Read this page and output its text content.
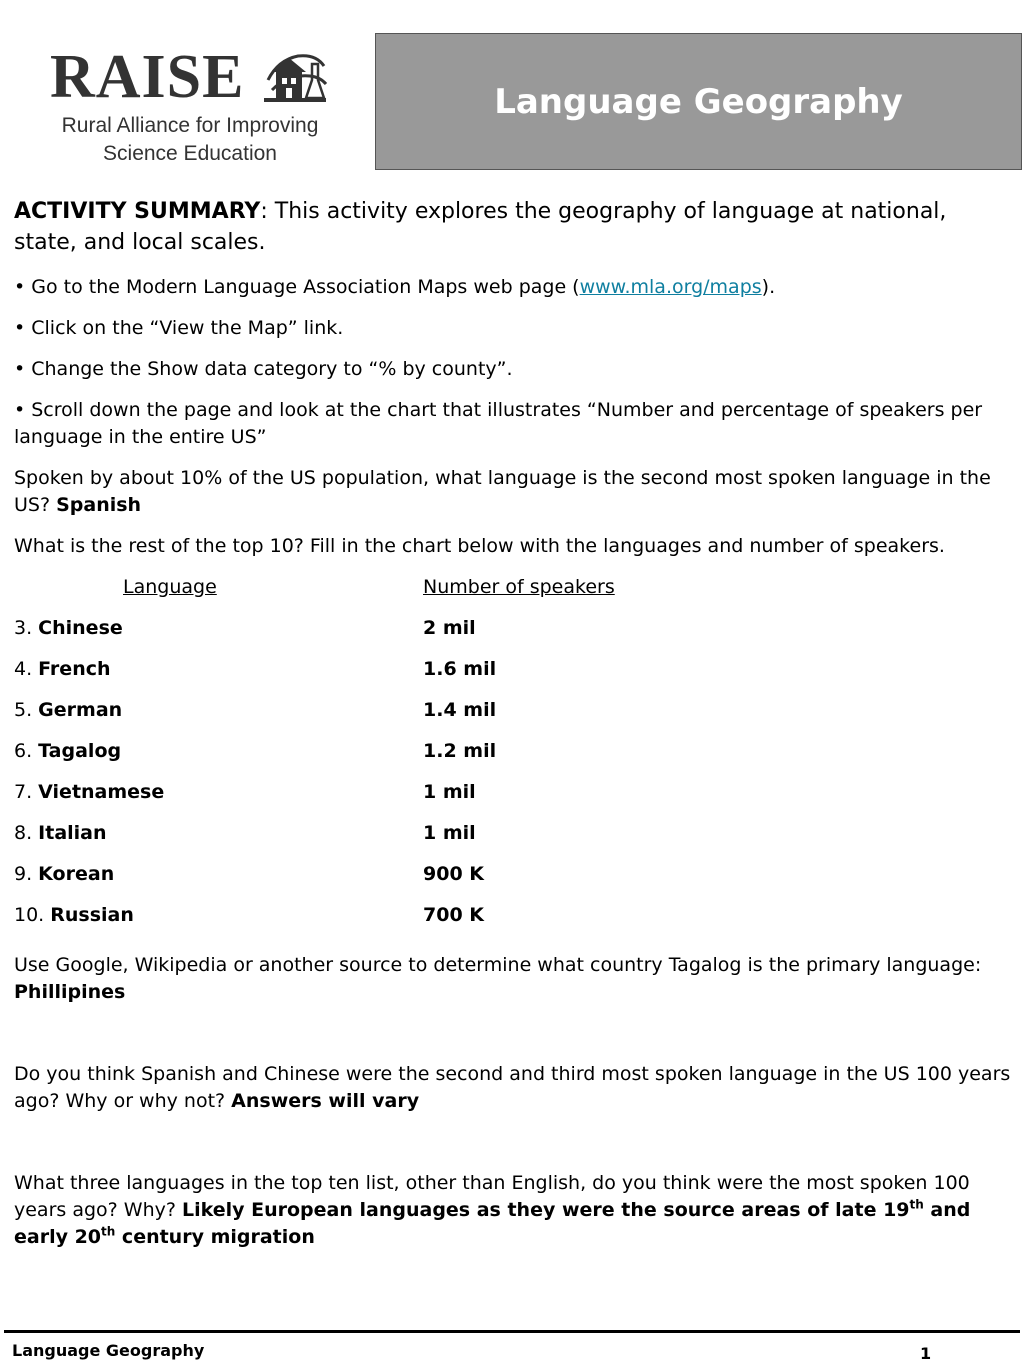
RAISE
Rural Alliance for Improving
Science Education
Language Geography

ACTIVITY SUMMARY: This activity explores the geography of language at national, state, and local scales.

• Go to the Modern Language Association Maps web page (www.mla.org/maps).

• Click on the “View the Map” link.

• Change the Show data category to “% by county”.

• Scroll down the page and look at the chart that illustrates “Number and percentage of speakers per language in the entire US”

Spoken by about 10% of the US population, what language is the second most spoken language in the US? Spanish

What is the rest of the top 10? Fill in the chart below with the languages and number of speakers.

Language	Number of speakers
3. Chinese	2 mil
4. French	1.6 mil
5. German	1.4 mil
6. Tagalog	1.2 mil
7. Vietnamese	1 mil
8. Italian	1 mil
9. Korean	900 K
10. Russian	700 K

Use Google, Wikipedia or another source to determine what country Tagalog is the primary language: Phillipines

Do you think Spanish and Chinese were the second and third most spoken language in the US 100 years ago? Why or why not? Answers will vary

What three languages in the top ten list, other than English, do you think were the most spoken 100 years ago? Why? Likely European languages as they were the source areas of late 19th and early 20th century migration

Language Geography	1
